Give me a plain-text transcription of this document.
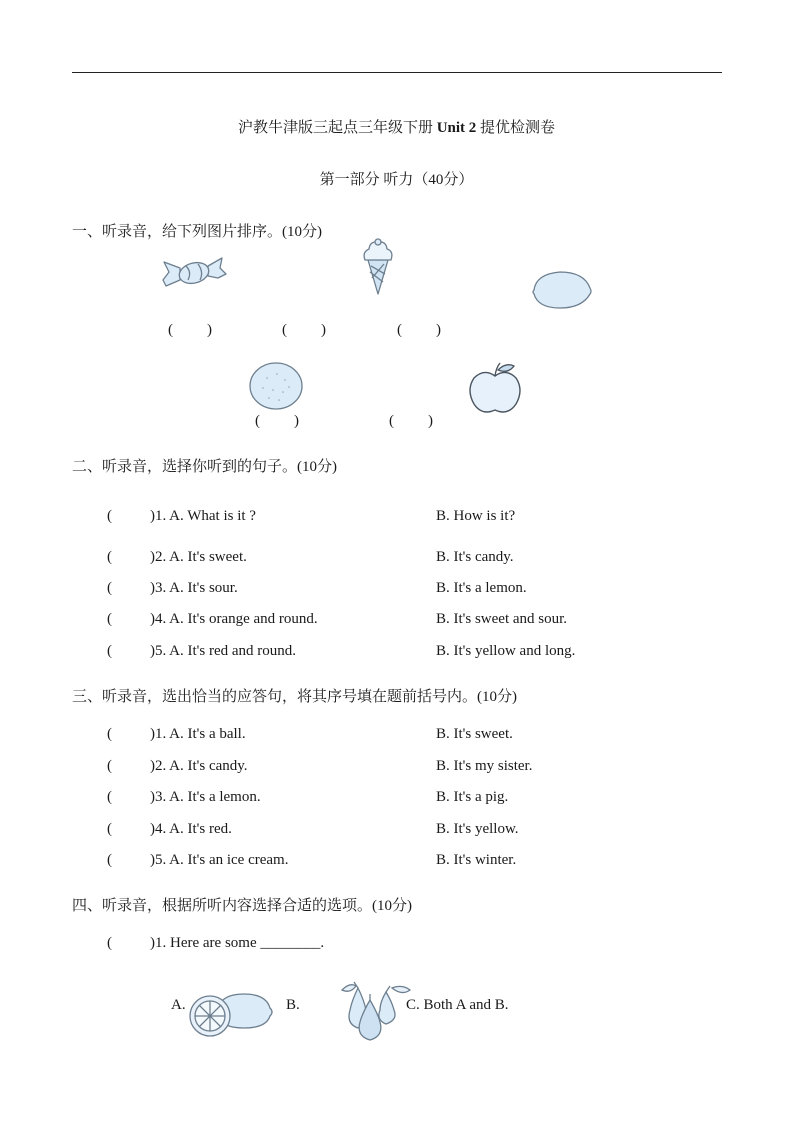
沪教牛津版三起点三年级下册 Unit 2 提优检测卷
第一部分 听力（40分）
一、听录音，给下列图片排序。(10分)
( )	( )	( )
( )	( )
二、听录音，选择你听到的句子。(10分)
(	)1. A. What is it ?	B. How is it?
(	)2. A. It's sweet.	B. It's candy.
(	)3. A. It's sour.	B. It's a lemon.
(	)4. A. It's orange and round.	B. It's sweet and sour.
(	)5. A. It's red and round.	B. It's yellow and long.
三、听录音，选出恰当的应答句，将其序号填在题前括号内。(10分)
(	)1. A. It's a ball.	B. It's sweet.
(	)2. A. It's candy.	B. It's my sister.
(	)3. A. It's a lemon.	B. It's a pig.
(	)4. A. It's red.	B. It's yellow.
(	)5. A. It's an ice cream.	B. It's winter.
四、听录音，根据所听内容选择合适的选项。(10分)
(	)1. Here are some ________.
A.	B.	C. Both A and B.
